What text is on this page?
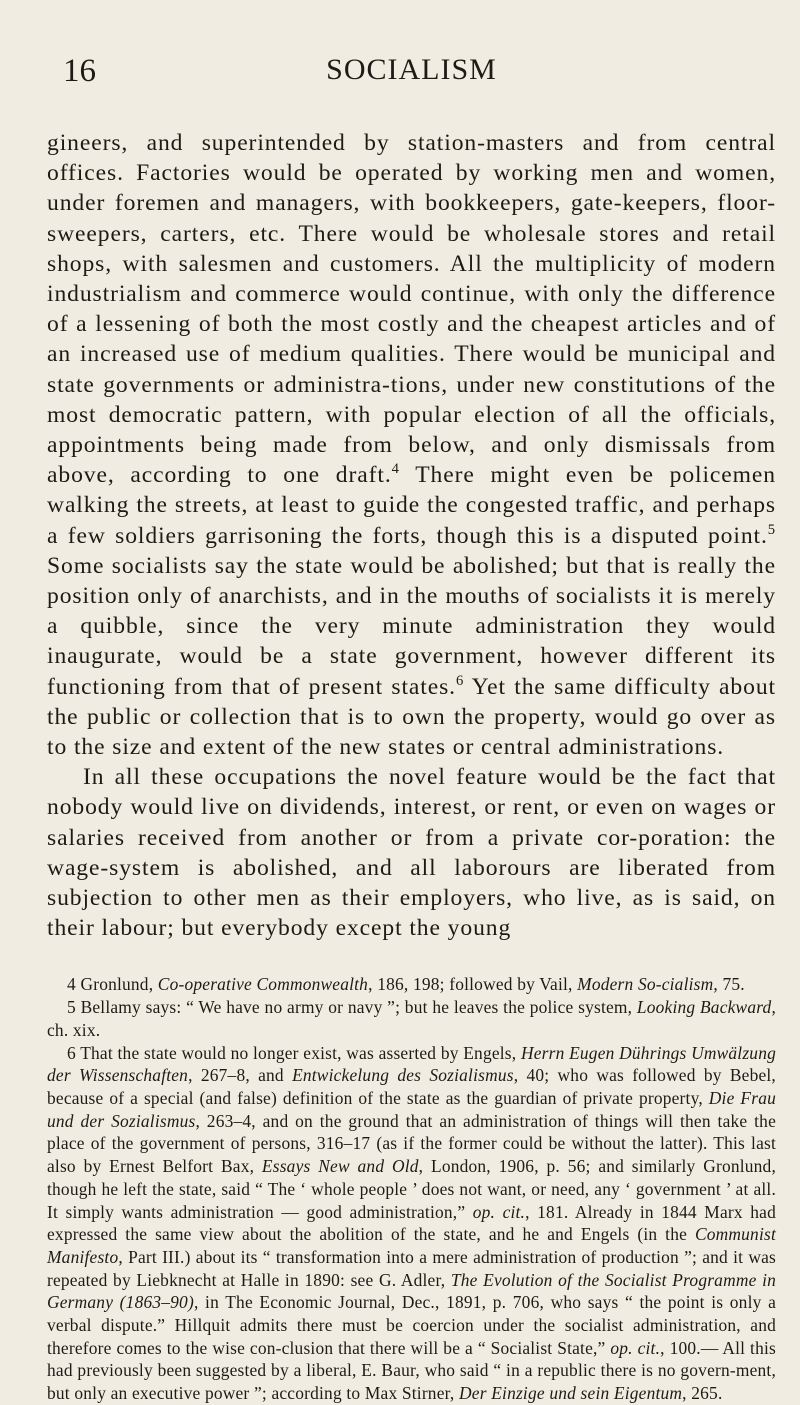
16	SOCIALISM

gineers, and superintended by station-masters and from central offices. Factories would be operated by working men and women, under foremen and managers, with bookkeepers, gate-keepers, floor-sweepers, carters, etc. There would be wholesale stores and retail shops, with salesmen and customers. All the multiplicity of modern industrialism and commerce would continue, with only the difference of a lessening of both the most costly and the cheapest articles and of an increased use of medium qualities. There would be municipal and state governments or administra-tions, under new constitutions of the most democratic pattern, with popular election of all the officials, appointments being made from below, and only dismissals from above, according to one draft.$^4$ There might even be policemen walking the streets, at least to guide the congested traffic, and perhaps a few soldiers garrisoning the forts, though this is a disputed point.$^5$ Some socialists say the state would be abolished; but that is really the position only of anarchists, and in the mouths of socialists it is merely a quibble, since the very minute administration they would inaugurate, would be a state government, however different its functioning from that of present states.$^6$ Yet the same difficulty about the public or collection that is to own the property, would go over as to the size and extent of the new states or central administrations.

In all these occupations the novel feature would be the fact that nobody would live on dividends, interest, or rent, or even on wages or salaries received from another or from a private cor-poration: the wage-system is abolished, and all laborours are liberated from subjection to other men as their employers, who live, as is said, on their labour; but everybody except the young

4 Gronlund, Co-operative Commonwealth, 186, 198; followed by Vail, Modern So-cialism, 75.

5 Bellamy says: “ We have no army or navy ”; but he leaves the police system, Looking Backward, ch. xix.

6 That the state would no longer exist, was asserted by Engels, Herrn Eugen Dührings Umwälzung der Wissenschaften, 267–8, and Entwickelung des Sozialismus, 40; who was followed by Bebel, because of a special (and false) definition of the state as the guardian of private property, Die Frau und der Sozialismus, 263–4, and on the ground that an administration of things will then take the place of the government of persons, 316–17 (as if the former could be without the latter). This last also by Ernest Belfort Bax, Essays New and Old, London, 1906, p. 56; and similarly Gronlund, though he left the state, said “ The ‘ whole people ’ does not want, or need, any ‘ government ’ at all. It simply wants administration — good administration,” op. cit., 181. Already in 1844 Marx had expressed the same view about the abolition of the state, and he and Engels (in the Communist Manifesto, Part III.) about its “ transformation into a mere administration of production ”; and it was repeated by Liebknecht at Halle in 1890: see G. Adler, The Evolution of the Socialist Programme in Germany (1863–90), in The Economic Journal, Dec., 1891, p. 706, who says “ the point is only a verbal dispute.” Hillquit admits there must be coercion under the socialist administration, and therefore comes to the wise con-clusion that there will be a “ Socialist State,” op. cit., 100.— All this had previously been suggested by a liberal, E. Baur, who said “ in a republic there is no govern-ment, but only an executive power ”; according to Max Stirner, Der Einzige und sein Eigentum, 265.
